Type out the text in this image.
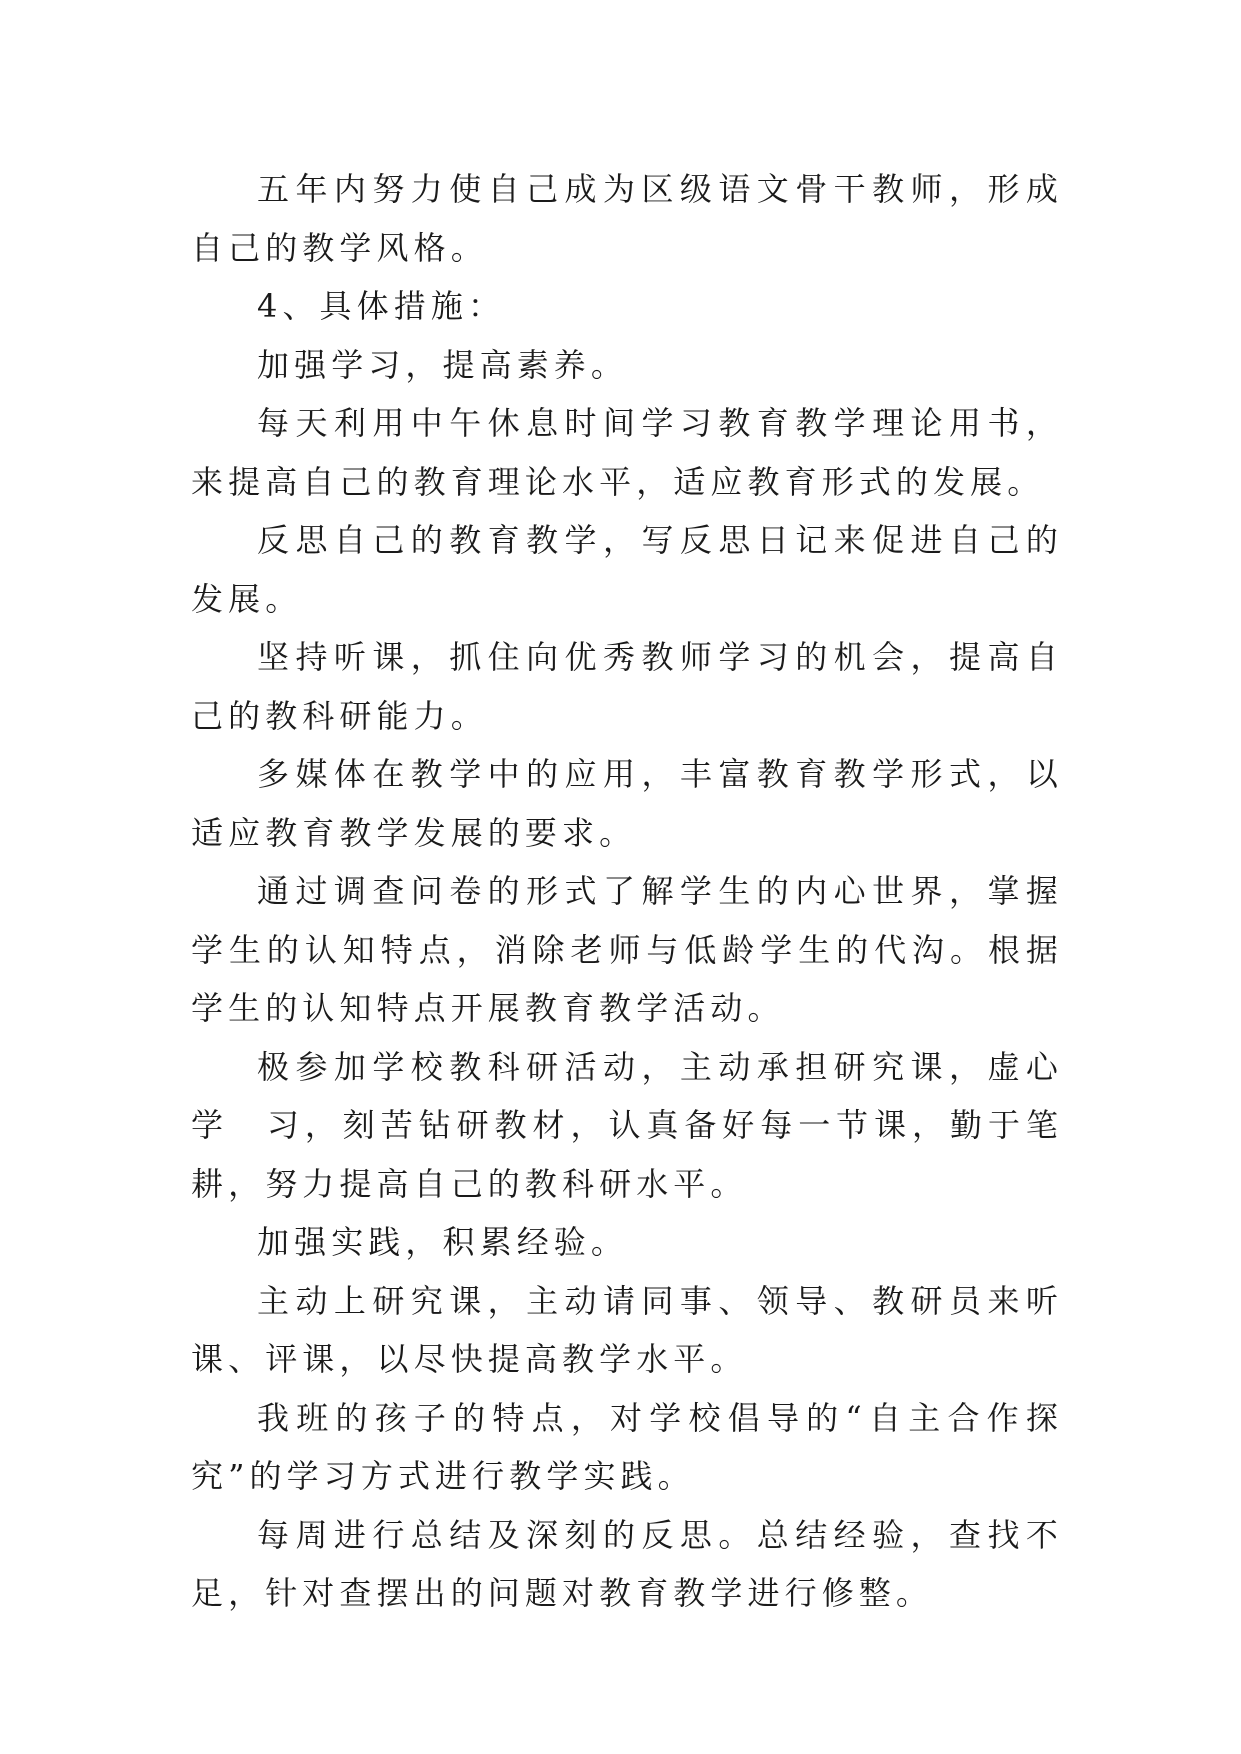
五年内努力使自己成为区级语文骨干教师，形成自己的教学风格。

4、具体措施：

加强学习，提高素养。

每天利用中午休息时间学习教育教学理论用书，来提高自己的教育理论水平，适应教育形式的发展。

反思自己的教育教学，写反思日记来促进自己的发展。

坚持听课，抓住向优秀教师学习的机会，提高自己的教科研能力。

多媒体在教学中的应用，丰富教育教学形式，以适应教育教学发展的要求。

通过调查问卷的形式了解学生的内心世界，掌握学生的认知特点，消除老师与低龄学生的代沟。根据学生的认知特点开展教育教学活动。

极参加学校教科研活动，主动承担研究课，虚心学　习，刻苦钻研教材，认真备好每一节课，勤于笔耕，努力提高自己的教科研水平。

加强实践，积累经验。

主动上研究课，主动请同事、领导、教研员来听课、评课，以尽快提高教学水平。

我班的孩子的特点，对学校倡导的“自主合作探究”的学习方式进行教学实践。

每周进行总结及深刻的反思。总结经验，查找不足，针对查摆出的问题对教育教学进行修整。
